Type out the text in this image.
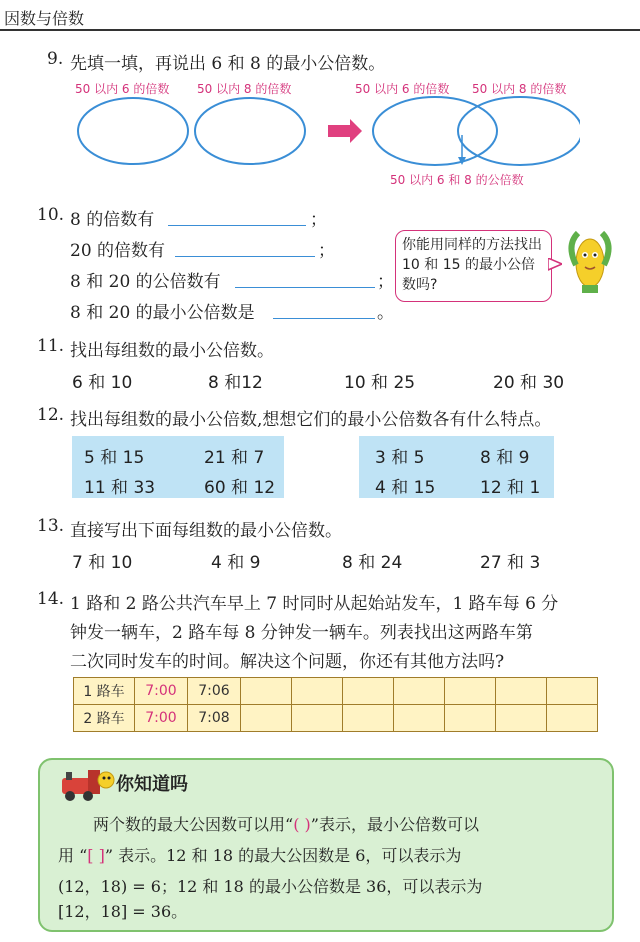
因数与倍数
9. 先填一填，再说出 6 和 8 的最小公倍数。
50 以内 6 的倍数 50 以内 8 的倍数	50 以内 6 的倍数 50 以内 8 的倍数
50 以内 6 和 8 的公倍数
10. 8 的倍数有	；
20 的倍数有	；
8 和 20 的公倍数有	；
8 和 20 的最小公倍数是	。
你能用同样的方法找出 10 和 15 的最小公倍数吗?
11. 找出每组数的最小公倍数。
6 和 10	8 和12	10 和 25	20 和 30
12. 找出每组数的最小公倍数,想想它们的最小公倍数各有什么特点。
5 和 15	21 和 7
11 和 33	60 和 12
3 和 5	8 和 9
4 和 15	12 和 1
13. 直接写出下面每组数的最小公倍数。
7 和 10	4 和 9	8 和 24	27 和 3
14. 1 路和 2 路公共汽车早上 7 时同时从起始站发车，1 路车每 6 分
钟发一辆车，2 路车每 8 分钟发一辆车。列表找出这两路车第
二次同时发车的时间。解决这个问题，你还有其他方法吗?
1 路车	7:00	7:06							
2 路车	7:00	7:08							
你知道吗
两个数的最大公因数可以用“( )”表示，最小公倍数可以
用 “[ ]” 表示。12 和 18 的最大公因数是 6，可以表示为
(12，18) = 6；12 和 18 的最小公倍数是 36，可以表示为
[12，18] = 36。
